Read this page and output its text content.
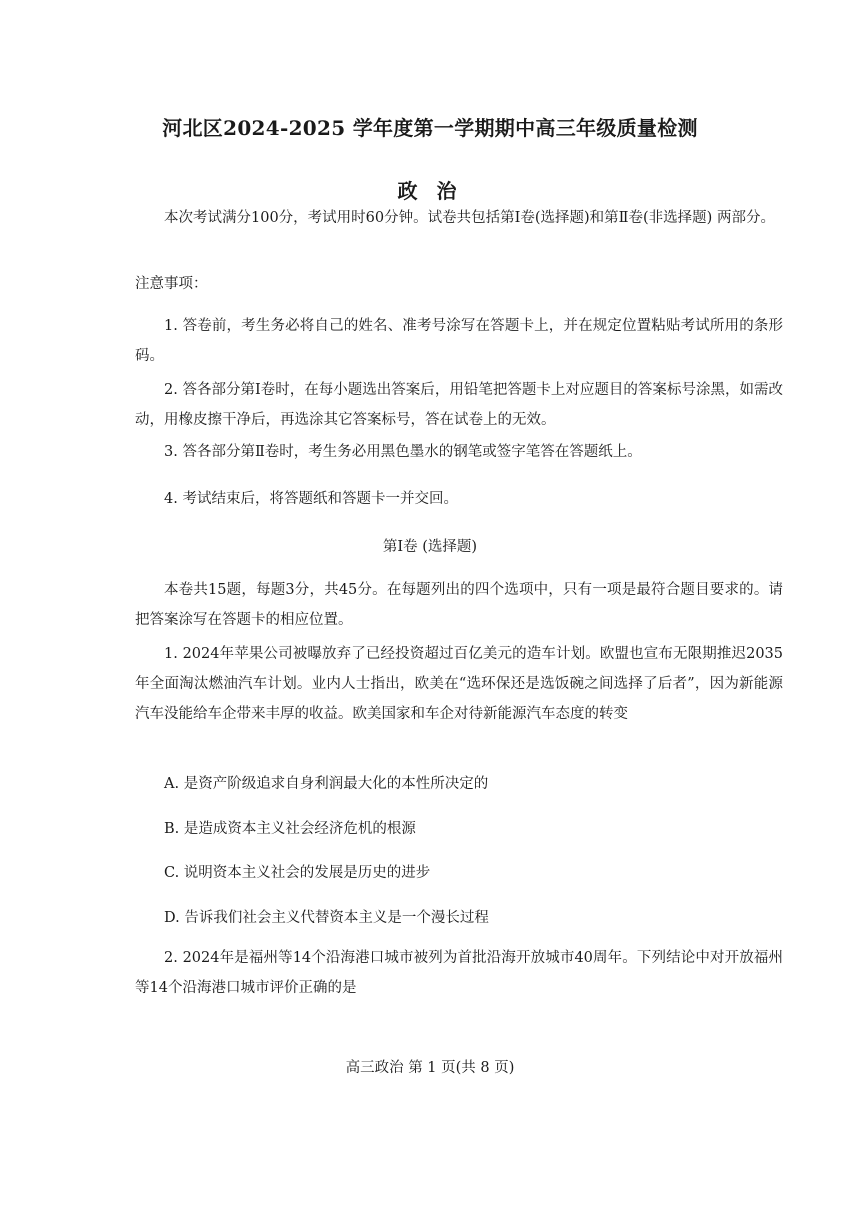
河北区2024-2025 学年度第一学期期中高三年级质量检测
政 治

本次考试满分100分，考试用时60分钟。试卷共包括第Ⅰ卷(选择题)和第Ⅱ卷(非选择题) 两部分。

注意事项：

1. 答卷前，考生务必将自己的姓名、准考号涂写在答题卡上，并在规定位置粘贴考试所用的条形码。

2. 答各部分第Ⅰ卷时，在每小题选出答案后，用铅笔把答题卡上对应题目的答案标号涂黑，如需改动，用橡皮擦干净后，再选涂其它答案标号，答在试卷上的无效。

3. 答各部分第Ⅱ卷时，考生务必用黑色墨水的钢笔或签字笔答在答题纸上。

4. 考试结束后，将答题纸和答题卡一并交回。

第Ⅰ卷 (选择题)

本卷共15题，每题3分，共45分。在每题列出的四个选项中，只有一项是最符合题目要求的。请把答案涂写在答题卡的相应位置。

1. 2024年苹果公司被曝放弃了已经投资超过百亿美元的造车计划。欧盟也宣布无限期推迟2035年全面淘汰燃油汽车计划。业内人士指出，欧美在“选环保还是选饭碗之间选择了后者”，因为新能源汽车没能给车企带来丰厚的收益。欧美国家和车企对待新能源汽车态度的转变

A. 是资产阶级追求自身利润最大化的本性所决定的
B. 是造成资本主义社会经济危机的根源
C. 说明资本主义社会的发展是历史的进步
D. 告诉我们社会主义代替资本主义是一个漫长过程

2. 2024年是福州等14个沿海港口城市被列为首批沿海开放城市40周年。下列结论中对开放福州等14个沿海港口城市评价正确的是

高三政治 第 1 页(共 8 页)
